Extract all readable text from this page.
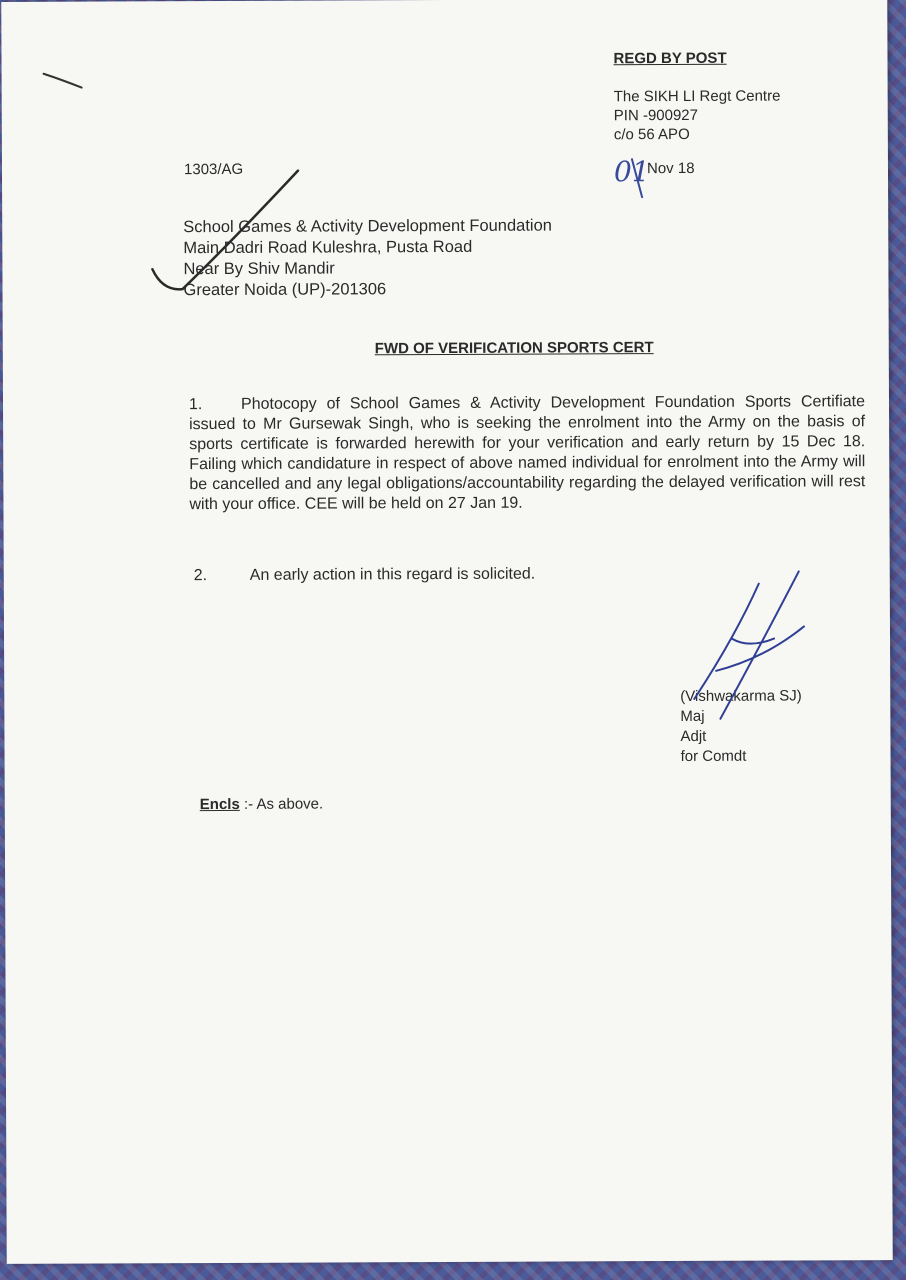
REGD BY POST
The SIKH LI Regt Centre
PIN -900927
c/o 56 APO
1303/AG	01
Nov 18
School Games & Activity Development Foundation
Main Dadri Road Kuleshra, Pusta Road
Near By Shiv Mandir
Greater Noida (UP)-201306
FWD OF VERIFICATION SPORTS CERT
1. Photocopy of School Games & Activity Development Foundation Sports Certifiate issued to Mr Gursewak Singh, who is seeking the enrolment into the Army on the basis of sports certificate is forwarded herewith for your verification and early return by 15 Dec 18. Failing which candidature in respect of above named individual for enrolment into the Army will be cancelled and any legal obligations/accountability regarding the delayed verification will rest with your office. CEE will be held on 27 Jan 19.
2.	An early action in this regard is solicited.
(Vishwakarma SJ)
Maj
Adjt
for Comdt
Encls :- As above.
